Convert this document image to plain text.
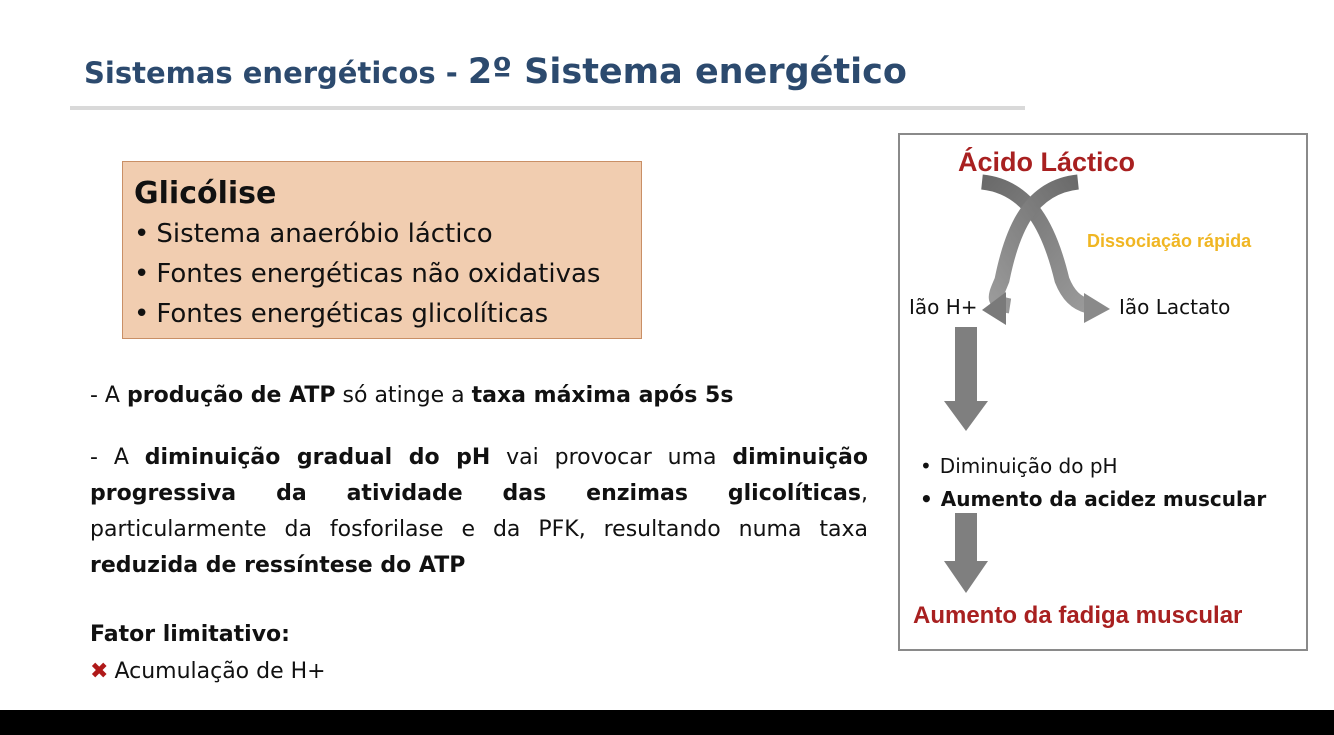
Sistemas energéticos - 2º Sistema energético
Glicólise
• Sistema anaeróbio láctico
• Fontes energéticas não oxidativas
• Fontes energéticas glicolíticas

- A produção de ATP só atinge a taxa máxima após 5s

- A diminuição gradual do pH vai provocar uma diminuição progressiva da atividade das enzimas glicolíticas, particularmente da fosforilase e da PFK, resultando numa taxa reduzida de ressíntese do ATP

Fator limitativo:

✖ Acumulação de H+

Ácido Láctico
Dissociação rápida
Ião H+	Ião Lactato
• Diminuição do pH
• Aumento da acidez muscular
Aumento da fadiga muscular
